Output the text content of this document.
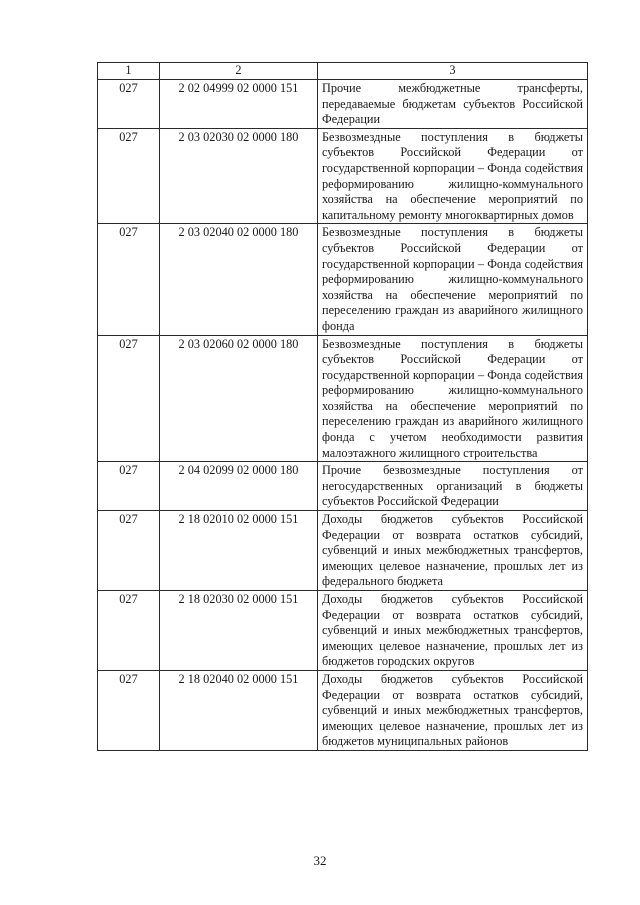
1	2	3
027	2 02 04999 02 0000 151	Прочие межбюджетные трансферты, передаваемые бюджетам субъектов Российской Федерации
027	2 03 02030 02 0000 180	Безвозмездные поступления в бюджеты субъектов Российской Федерации от государственной корпорации – Фонда содействия реформированию жилищно-коммунального хозяйства на обеспечение мероприятий по капитальному ремонту многоквартирных домов
027	2 03 02040 02 0000 180	Безвозмездные поступления в бюджеты субъектов Российской Федерации от государственной корпорации – Фонда содействия реформированию жилищно-коммунального хозяйства на обеспечение мероприятий по переселению граждан из аварийного жилищного фонда
027	2 03 02060 02 0000 180	Безвозмездные поступления в бюджеты субъектов Российской Федерации от государственной корпорации – Фонда содействия реформированию жилищно-коммунального хозяйства на обеспечение мероприятий по переселению граждан из аварийного жилищного фонда с учетом необходимости развития малоэтажного жилищного строительства
027	2 04 02099 02 0000 180	Прочие безвозмездные поступления от негосударственных организаций в бюджеты субъектов Российской Федерации
027	2 18 02010 02 0000 151	Доходы бюджетов субъектов Российской Федерации от возврата остатков субсидий, субвенций и иных межбюджетных трансфертов, имеющих целевое назначение, прошлых лет из федерального бюджета
027	2 18 02030 02 0000 151	Доходы бюджетов субъектов Российской Федерации от возврата остатков субсидий, субвенций и иных межбюджетных трансфертов, имеющих целевое назначение, прошлых лет из бюджетов городских округов
027	2 18 02040 02 0000 151	Доходы бюджетов субъектов Российской Федерации от возврата остатков субсидий, субвенций и иных межбюджетных трансфертов, имеющих целевое назначение, прошлых лет из бюджетов муниципальных районов
32
